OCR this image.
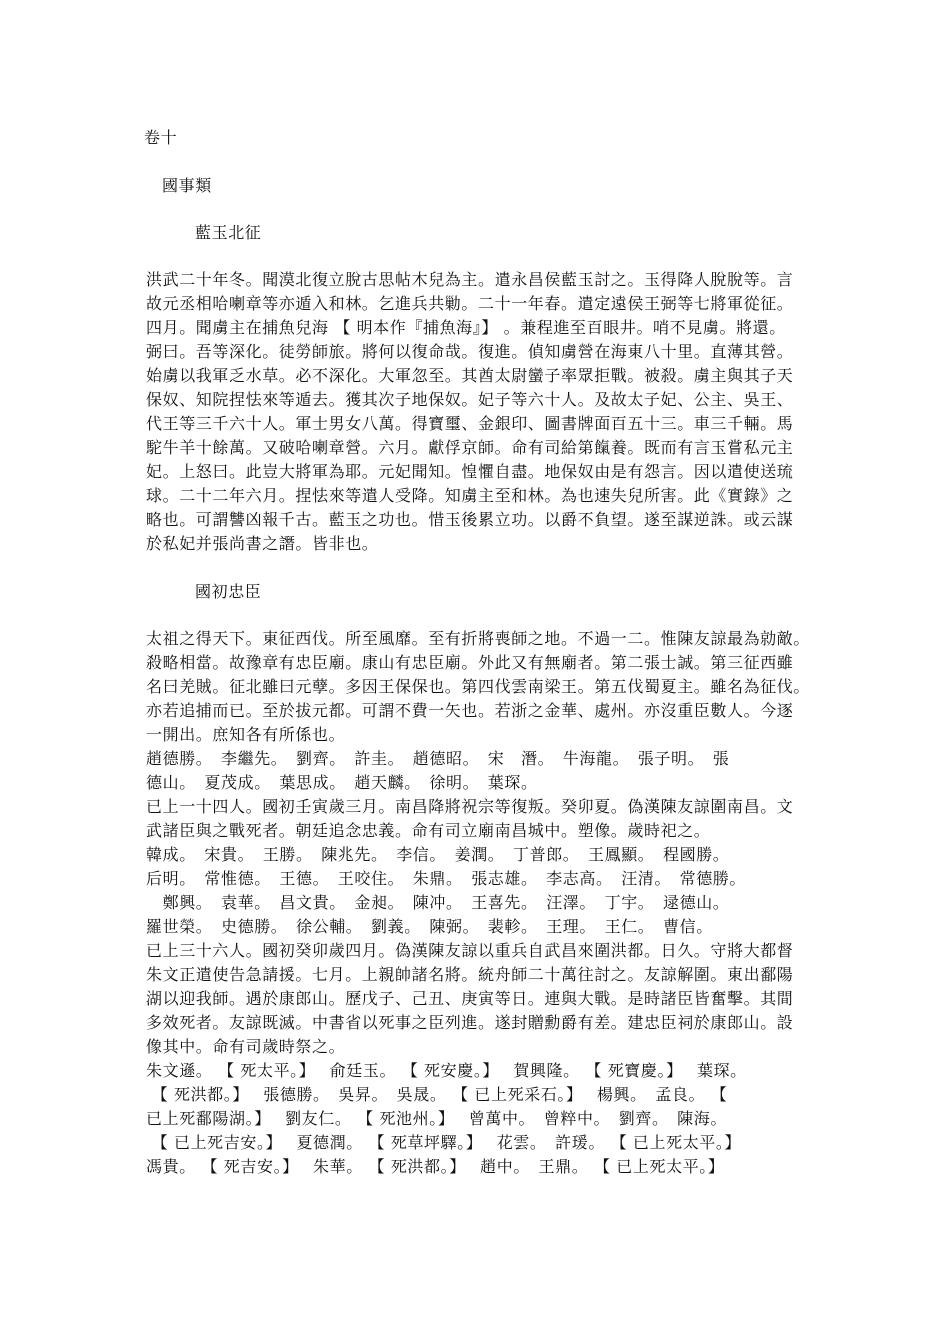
卷十
國事類
藍玉北征
洪武二十年冬。聞漠北復立脫古思帖木兒為主。遣永昌侯藍玉討之。玉得降人脫脫等。言
故元丞相哈喇章等亦遁入和林。乞進兵共勦。二十一年春。遣定遠侯王弼等七將軍從征。
四月。聞虜主在捕魚兒海 【 明本作『捕魚海』】 。兼程進至百眼井。哨不見虜。將還。
弼曰。吾等深化。徒勞師旅。將何以復命哉。復進。偵知虜營在海東八十里。直薄其營。
始虜以我軍乏水草。必不深化。大軍忽至。其酋太尉蠻子率眾拒戰。被殺。虜主與其子天
保奴、知院捏怯來等遁去。獲其次子地保奴。妃子等六十人。及故太子妃、公主、吳王、
代王等三千六十人。軍士男女八萬。得寶璽、金銀印、圖書牌面百五十三。車三千輛。馬
駝牛羊十餘萬。又破哈喇章營。六月。獻俘京師。命有司給第餼養。既而有言玉嘗私元主
妃。上怒曰。此豈大將軍為耶。元妃聞知。惶懼自盡。地保奴由是有怨言。因以遣使送琉
球。二十二年六月。捏怯來等遣人受降。知虜主至和林。為也速失兒所害。此《實錄》之
略也。可謂讐凶報千古。藍玉之功也。惜玉後累立功。以爵不負望。遂至謀逆誅。或云謀
於私妃并張尚書之譖。皆非也。
國初忠臣
太祖之得天下。東征西伐。所至風靡。至有折將喪師之地。不過一二。惟陳友諒最為勍敵。
殺略相當。故豫章有忠臣廟。康山有忠臣廟。外此又有無廟者。第二張士誠。第三征西雖
名曰羌賊。征北雖曰元孽。多因王保保也。第四伐雲南梁王。第五伐蜀夏主。雖名為征伐。
亦若追捕而已。至於拔元都。可謂不費一矢也。若浙之金華、處州。亦沒重臣數人。今逐
一開出。庶知各有所係也。
趙德勝。　李繼先。　劉齊。　許圭。　趙德昭。　宋　潛。　牛海龍。　張子明。　張
德山。　夏茂成。　葉思成。　趙天麟。　徐明。　葉琛。
已上一十四人。國初壬寅歲三月。南昌降將祝宗等復叛。癸卯夏。偽漢陳友諒圍南昌。文
武諸臣與之戰死者。朝廷追念忠義。命有司立廟南昌城中。塑像。歲時祀之。
韓成。　宋貴。　王勝。　陳兆先。　李信。　姜潤。　丁普郎。　王鳳顯。　程國勝。
后明。　常惟德。　王德。　王咬住。　朱鼎。　張志雄。　李志高。　汪清。　常德勝。
　鄭興。　袁華。　昌文貴。　金昶。　陳冲。　王喜先。　汪澤。　丁宇。　逯德山。
羅世榮。　史德勝。　徐公輔。　劉義。　陳弼。　裴軫。　王理。　王仁。　曹信。
已上三十六人。國初癸卯歲四月。偽漢陳友諒以重兵自武昌來圍洪都。日久。守將大都督
朱文正遣使告急請援。七月。上親帥諸名將。統舟師二十萬往討之。友諒解圍。東出鄱陽
湖以迎我師。遇於康郎山。歷戊子、己丑、庚寅等日。連與大戰。是時諸臣皆奮擊。其間
多效死者。友諒既滅。中書省以死事之臣列進。遂封贈勳爵有差。建忠臣祠於康郎山。設
像其中。命有司歲時祭之。
朱文遜。 【 死太平。】　 俞廷玉。 【 死安慶。】　 賀興隆。 【 死寶慶。】　 葉琛。
【 死洪都。】　 張德勝。　吳昇。　吳晟。 【 已上死采石。】　 楊興。　孟良。 【
已上死鄱陽湖。】　 劉友仁。 【 死池州。】　 曾萬中。　曾粹中。　劉齊。　陳海。
【 已上死吉安。】　 夏德潤。 【 死草坪驛。】　 花雲。　許瑗。 【 已上死太平。】
馮貴。 【 死吉安。】　 朱華。 【 死洪都。】　 趙中。　王鼎。 【 已上死太平。】
